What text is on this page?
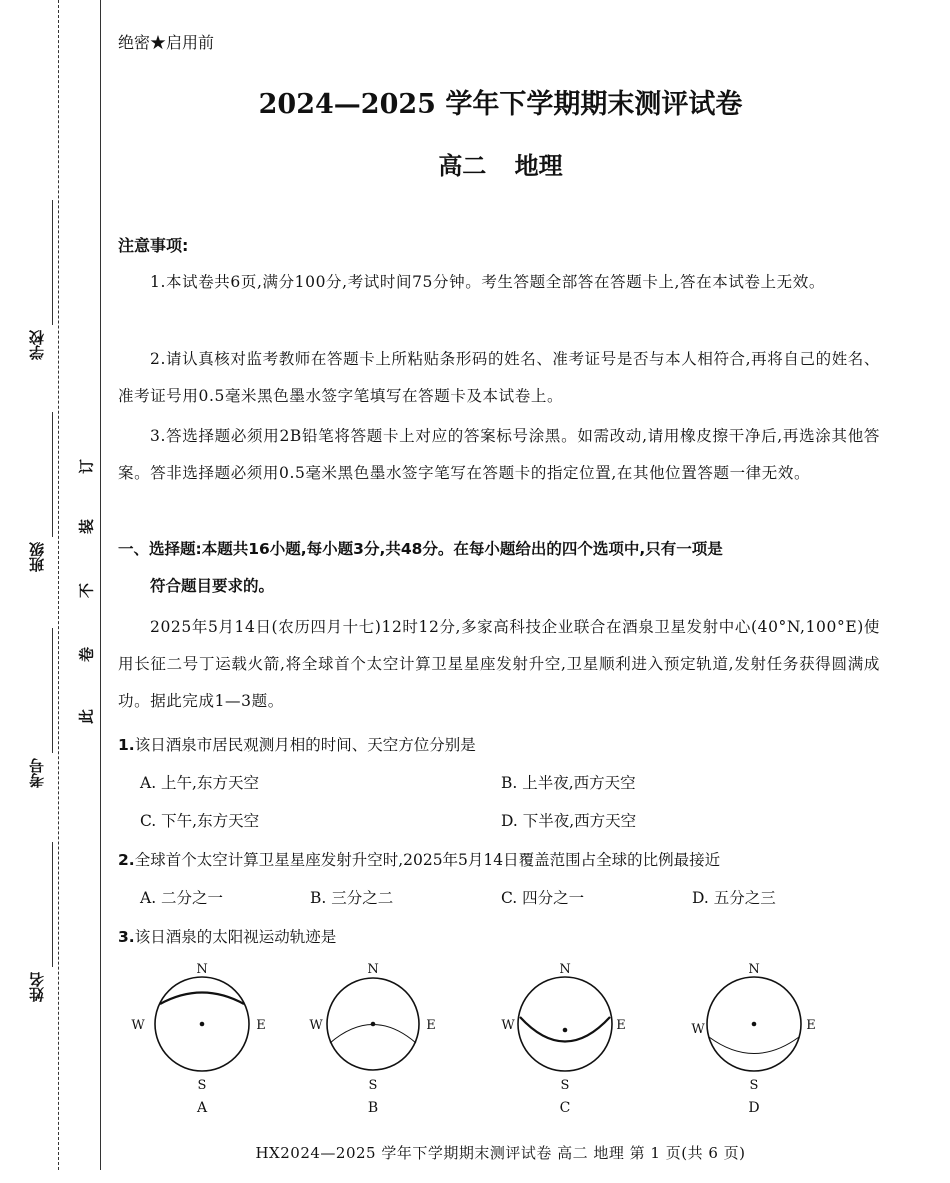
学校
班级
考号
姓名
订
装
不
卷
此
绝密★启用前
2024—2025 学年下学期期末测评试卷
高二 地理
注意事项:
1.本试卷共6页,满分100分,考试时间75分钟。考生答题全部答在答题卡上,答在本试卷上无效。
2.请认真核对监考教师在答题卡上所粘贴条形码的姓名、准考证号是否与本人相符合,再将自己的姓名、准考证号用0.5毫米黑色墨水签字笔填写在答题卡及本试卷上。
3.答选择题必须用2B铅笔将答题卡上对应的答案标号涂黑。如需改动,请用橡皮擦干净后,再选涂其他答案。答非选择题必须用0.5毫米黑色墨水签字笔写在答题卡的指定位置,在其他位置答题一律无效。
一、选择题:本题共16小题,每小题3分,共48分。在每小题给出的四个选项中,只有一项是
符合题目要求的。
2025年5月14日(农历四月十七)12时12分,多家高科技企业联合在酒泉卫星发射中心(40°N,100°E)使用长征二号丁运载火箭,将全球首个太空计算卫星星座发射升空,卫星顺利进入预定轨道,发射任务获得圆满成功。据此完成1—3题。
1.该日酒泉市居民观测月相的时间、天空方位分别是
A. 上午,东方天空	B. 上半夜,西方天空
C. 下午,东方天空	D. 下半夜,西方天空
2.全球首个太空计算卫星星座发射升空时,2025年5月14日覆盖范围占全球的比例最接近
A. 二分之一	B. 三分之二	C. 四分之一	D. 五分之三
3.该日酒泉的太阳视运动轨迹是
N
S
W	E
A
N
S
W	E
B
N
S
W	E
C
N
S
W	E
D
HX2024—2025 学年下学期期末测评试卷 高二 地理 第 1 页(共 6 页)
